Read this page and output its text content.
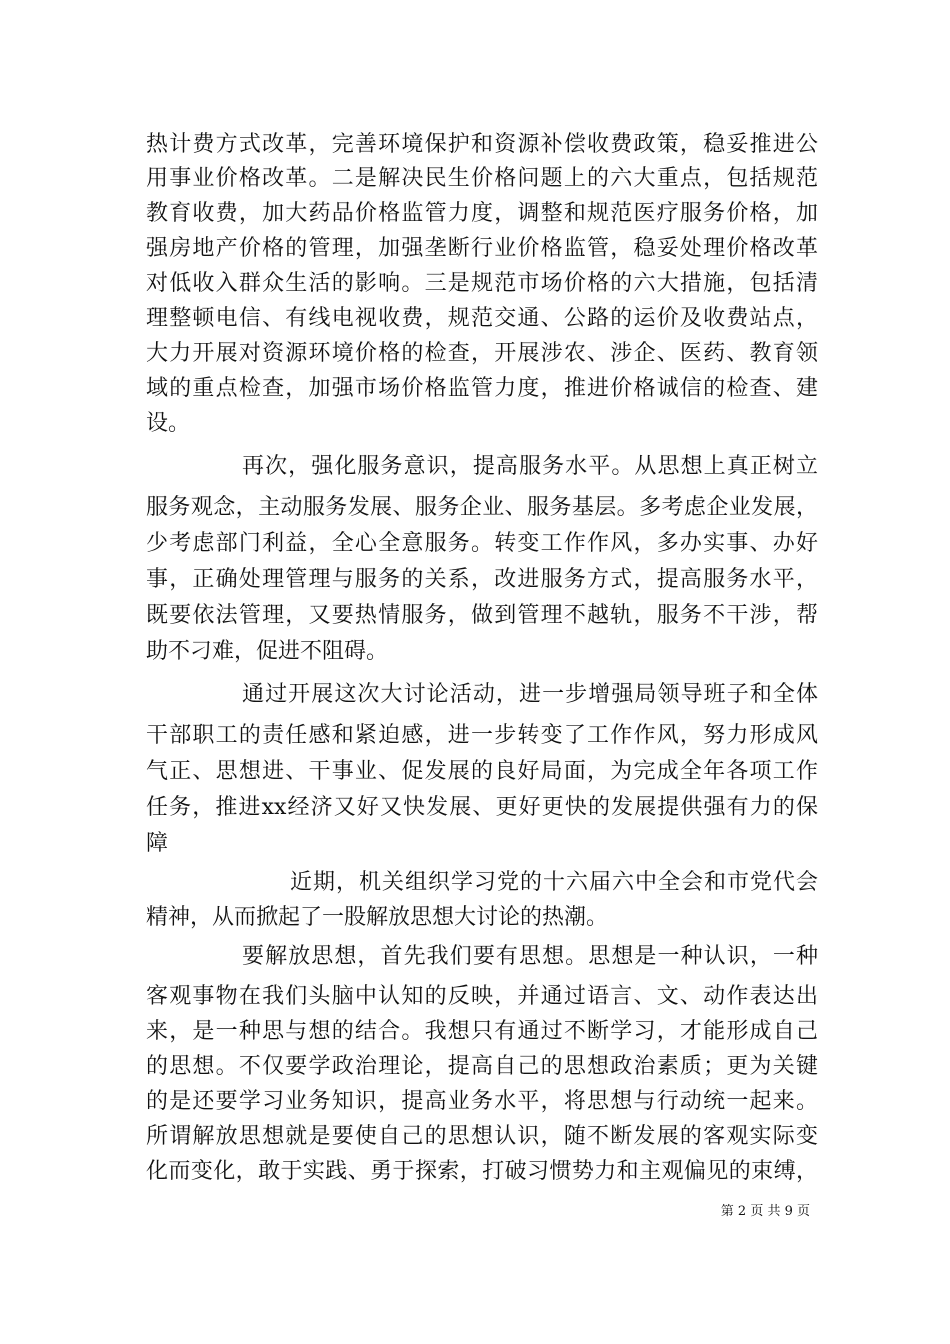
热计费方式改革，完善环境保护和资源补偿收费政策，稳妥推进公
用事业价格改革。二是解决民生价格问题上的六大重点，包括规范
教育收费，加大药品价格监管力度，调整和规范医疗服务价格，加
强房地产价格的管理，加强垄断行业价格监管，稳妥处理价格改革
对低收入群众生活的影响。三是规范市场价格的六大措施，包括清
理整顿电信、有线电视收费，规范交通、公路的运价及收费站点，
大力开展对资源环境价格的检查，开展涉农、涉企、医药、教育领
域的重点检查，加强市场价格监管力度，推进价格诚信的检查、建
设。
再次，强化服务意识，提高服务水平。从思想上真正树立
服务观念，主动服务发展、服务企业、服务基层。多考虑企业发展，
少考虑部门利益，全心全意服务。转变工作作风，多办实事、办好
事，正确处理管理与服务的关系，改进服务方式，提高服务水平，
既要依法管理，又要热情服务，做到管理不越轨，服务不干涉，帮
助不刁难，促进不阻碍。
通过开展这次大讨论活动，进一步增强局领导班子和全体
干部职工的责任感和紧迫感，进一步转变了工作作风，努力形成风
气正、思想进、干事业、促发展的良好局面，为完成全年各项工作
任务，推进xx经济又好又快发展、更好更快的发展提供强有力的保
障
近期，机关组织学习党的十六届六中全会和市党代会
精神，从而掀起了一股解放思想大讨论的热潮。
要解放思想，首先我们要有思想。思想是一种认识，一种
客观事物在我们头脑中认知的反映，并通过语言、文、动作表达出
来，是一种思与想的结合。我想只有通过不断学习，才能形成自己
的思想。不仅要学政治理论，提高自己的思想政治素质；更为关键
的是还要学习业务知识，提高业务水平，将思想与行动统一起来。
所谓解放思想就是要使自己的思想认识，随不断发展的客观实际变
化而变化，敢于实践、勇于探索，打破习惯势力和主观偏见的束缚，
第 2 页 共 9 页
